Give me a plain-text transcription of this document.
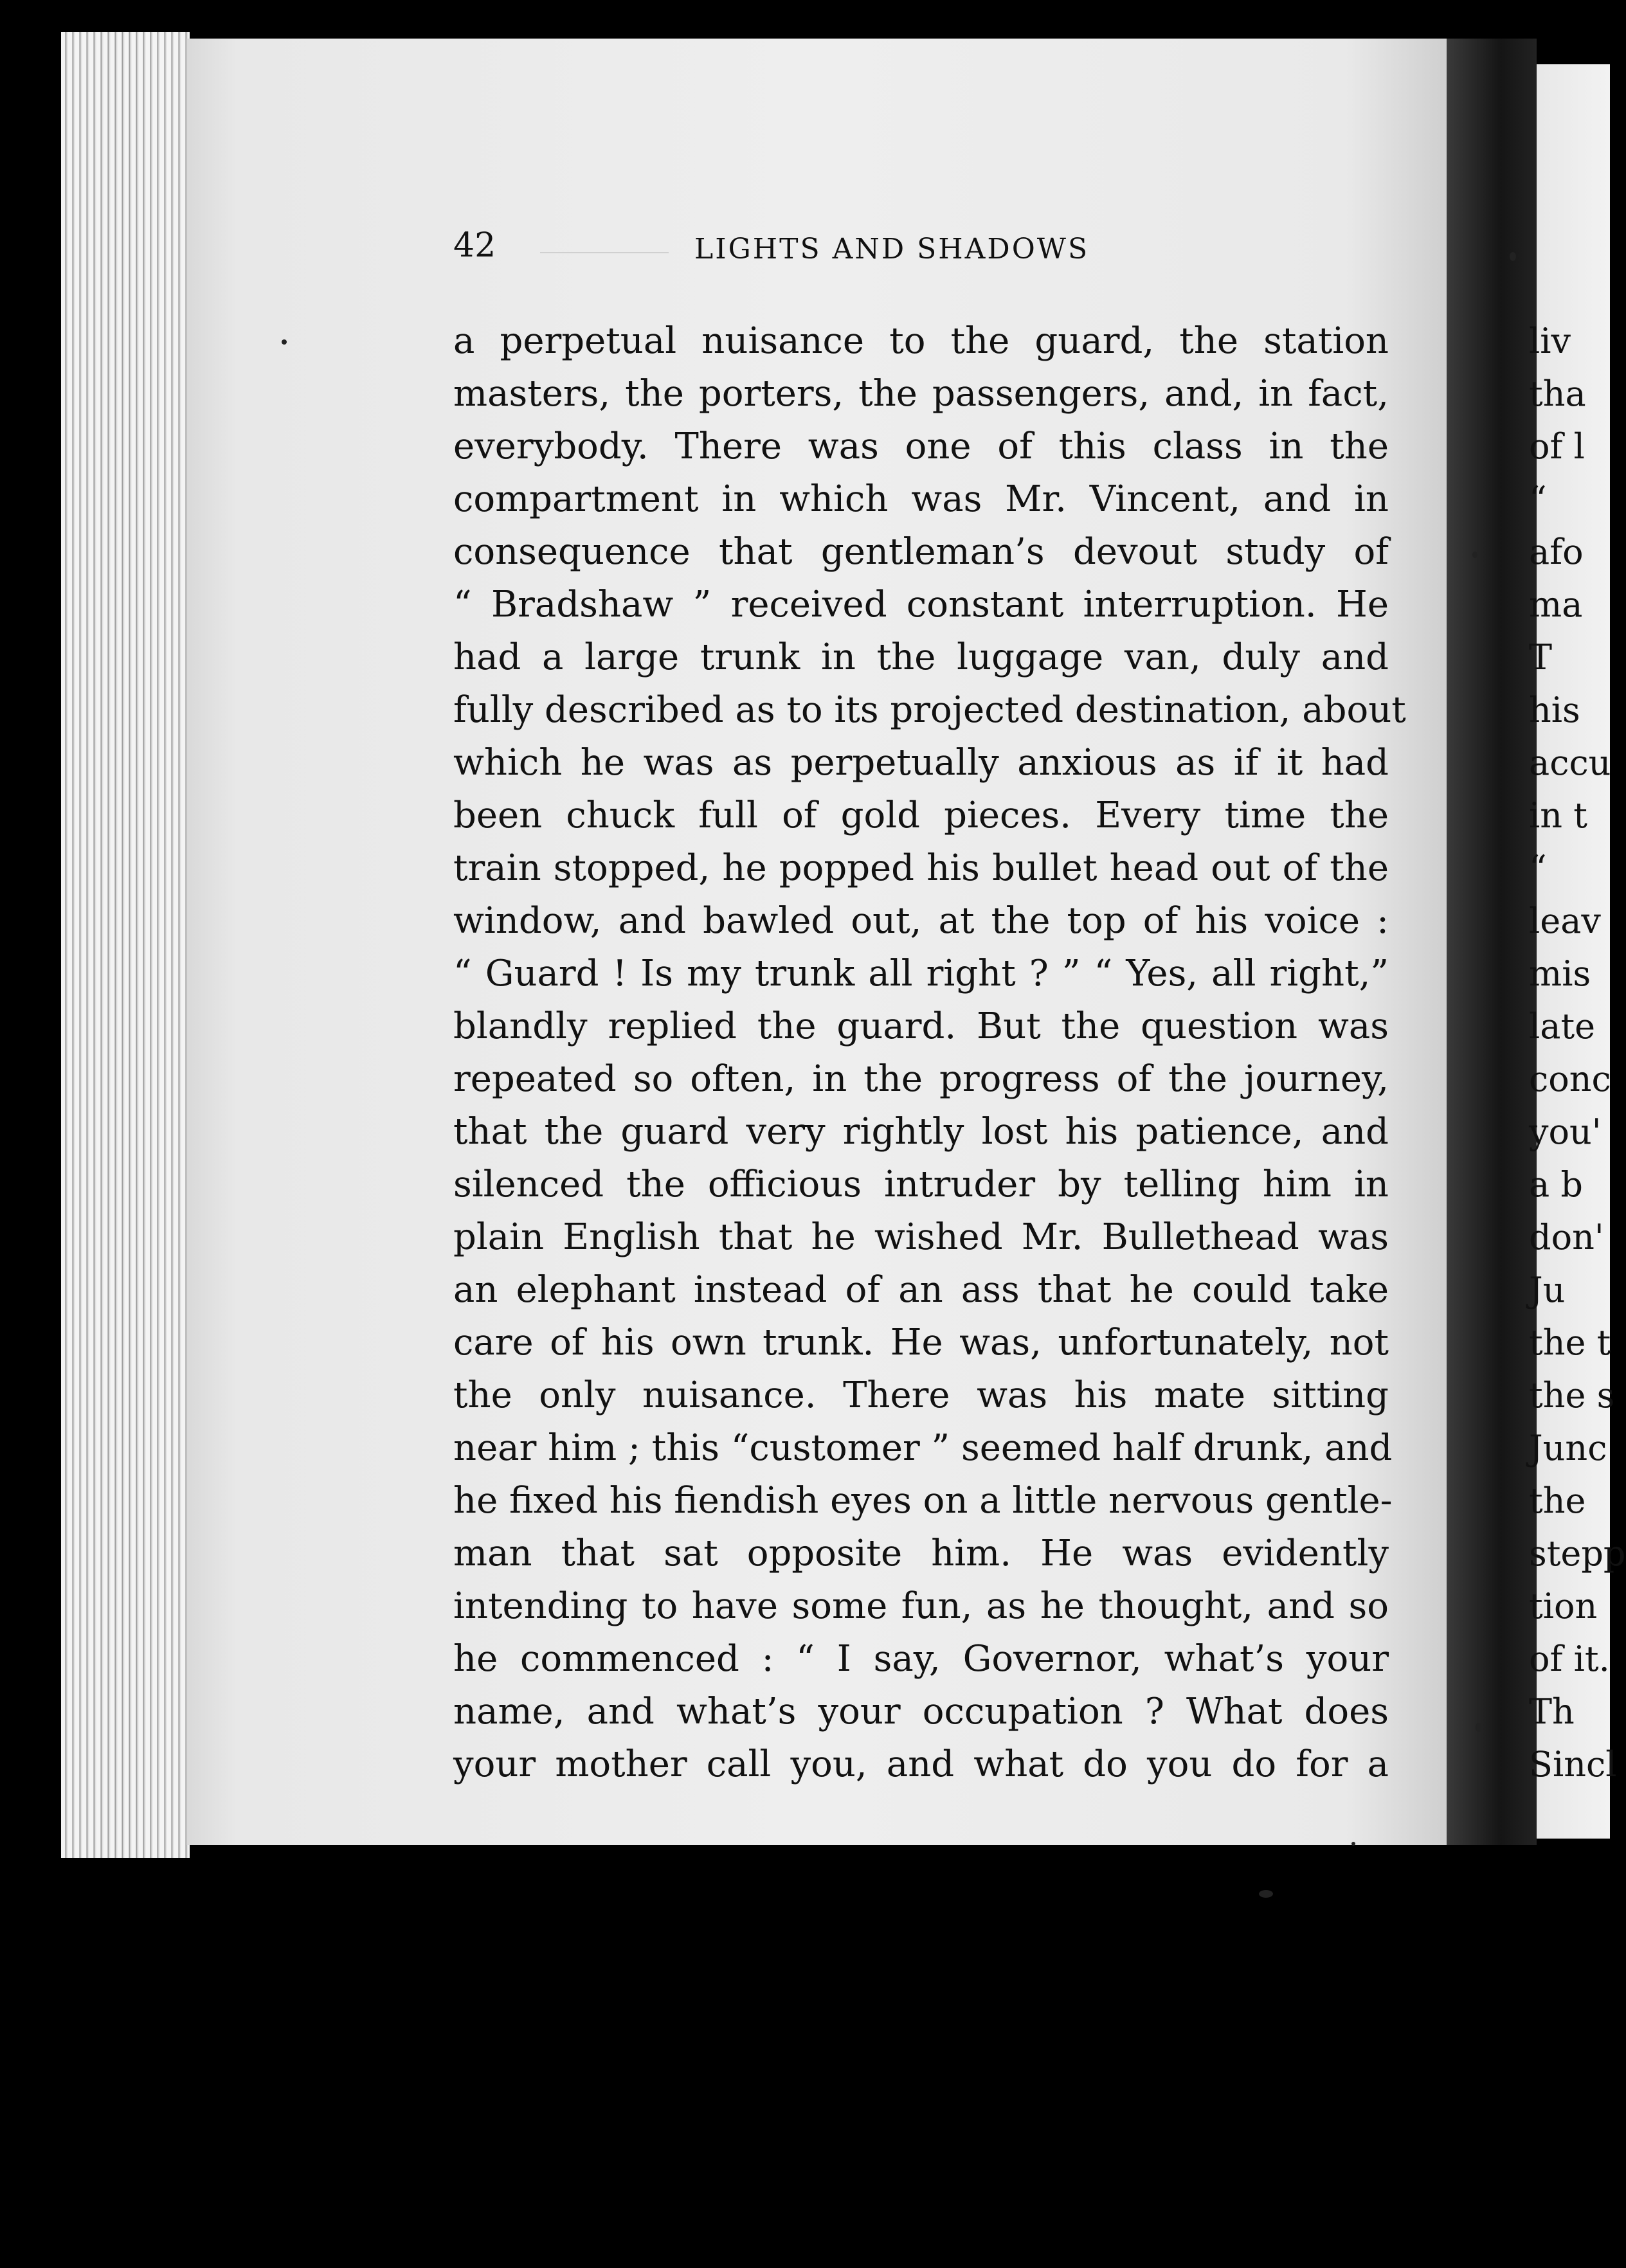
42	LIGHTS AND SHADOWS
a perpetual nuisance to the guard, the station
masters, the porters, the passengers, and, in fact,
everybody. There was one of this class in the
compartment in which was Mr. Vincent, and in
consequence that gentleman’s devout study of
“ Bradshaw ” received constant interruption. He
had a large trunk in the luggage van, duly and
fully described as to its projected destination, about
which he was as perpetually anxious as if it had
been chuck full of gold pieces. Every time the
train stopped, he popped his bullet head out of the
window, and bawled out, at the top of his voice :
“ Guard ! Is my trunk all right ? ” “ Yes, all right,”
blandly replied the guard. But the question was
repeated so often, in the progress of the journey,
that the guard very rightly lost his patience, and
silenced the officious intruder by telling him in
plain English that he wished Mr. Bullethead was
an elephant instead of an ass that he could take
care of his own trunk. He was, unfortunately, not
the only nuisance. There was his mate sitting
near him ; this “customer ” seemed half drunk, and
he fixed his fiendish eyes on a little nervous gentle-
man that sat opposite him. He was evidently
intending to have some fun, as he thought, and so
he commenced : “ I say, Governor, what’s your
name, and what’s your occupation ? What does
your mother call you, and what do you do for a
liv
tha
of l
“
afo
ma
T
his
accu
in t
“
leav
mis
late
conc
you'
a b
don'
Ju
the t
the s
Junc
the
stepp
tion
of it.
Th
Sincl
